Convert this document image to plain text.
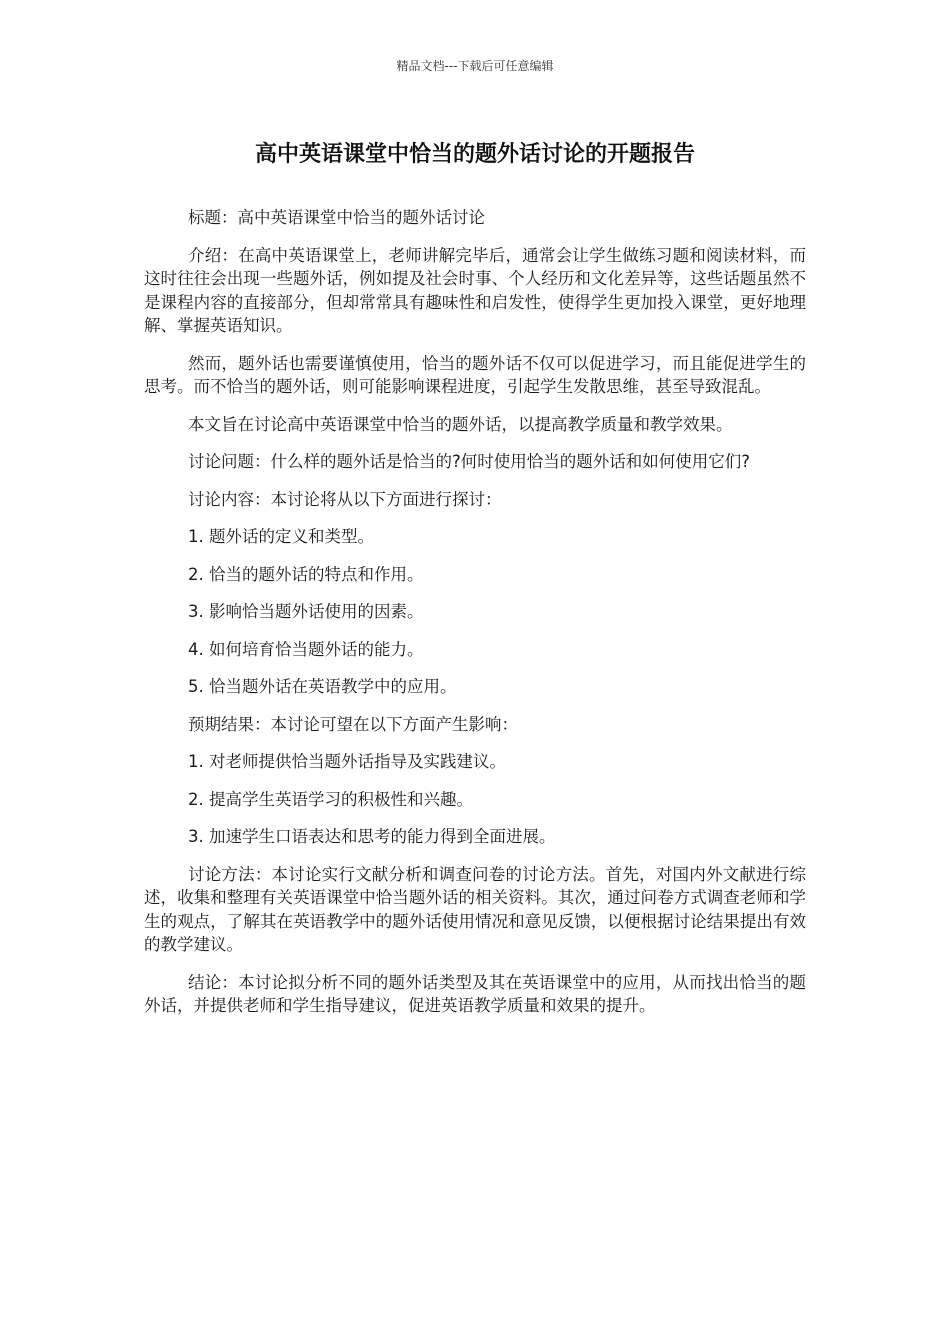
精品文档---下载后可任意编辑
高中英语课堂中恰当的题外话讨论的开题报告

标题：高中英语课堂中恰当的题外话讨论

介绍：在高中英语课堂上，老师讲解完毕后，通常会让学生做练习题和阅读材料，而这时往往会出现一些题外话，例如提及社会时事、个人经历和文化差异等，这些话题虽然不是课程内容的直接部分，但却常常具有趣味性和启发性，使得学生更加投入课堂，更好地理解、掌握英语知识。

然而，题外话也需要谨慎使用，恰当的题外话不仅可以促进学习，而且能促进学生的思考。而不恰当的题外话，则可能影响课程进度，引起学生发散思维，甚至导致混乱。

本文旨在讨论高中英语课堂中恰当的题外话，以提高教学质量和教学效果。

讨论问题：什么样的题外话是恰当的?何时使用恰当的题外话和如何使用它们?

讨论内容：本讨论将从以下方面进行探讨：

1. 题外话的定义和类型。

2. 恰当的题外话的特点和作用。

3. 影响恰当题外话使用的因素。

4. 如何培育恰当题外话的能力。

5. 恰当题外话在英语教学中的应用。

预期结果：本讨论可望在以下方面产生影响：

1. 对老师提供恰当题外话指导及实践建议。

2. 提高学生英语学习的积极性和兴趣。

3. 加速学生口语表达和思考的能力得到全面进展。

讨论方法：本讨论实行文献分析和调查问卷的讨论方法。首先，对国内外文献进行综述，收集和整理有关英语课堂中恰当题外话的相关资料。其次，通过问卷方式调查老师和学生的观点，了解其在英语教学中的题外话使用情况和意见反馈，以便根据讨论结果提出有效的教学建议。

结论：本讨论拟分析不同的题外话类型及其在英语课堂中的应用，从而找出恰当的题外话，并提供老师和学生指导建议，促进英语教学质量和效果的提升。
